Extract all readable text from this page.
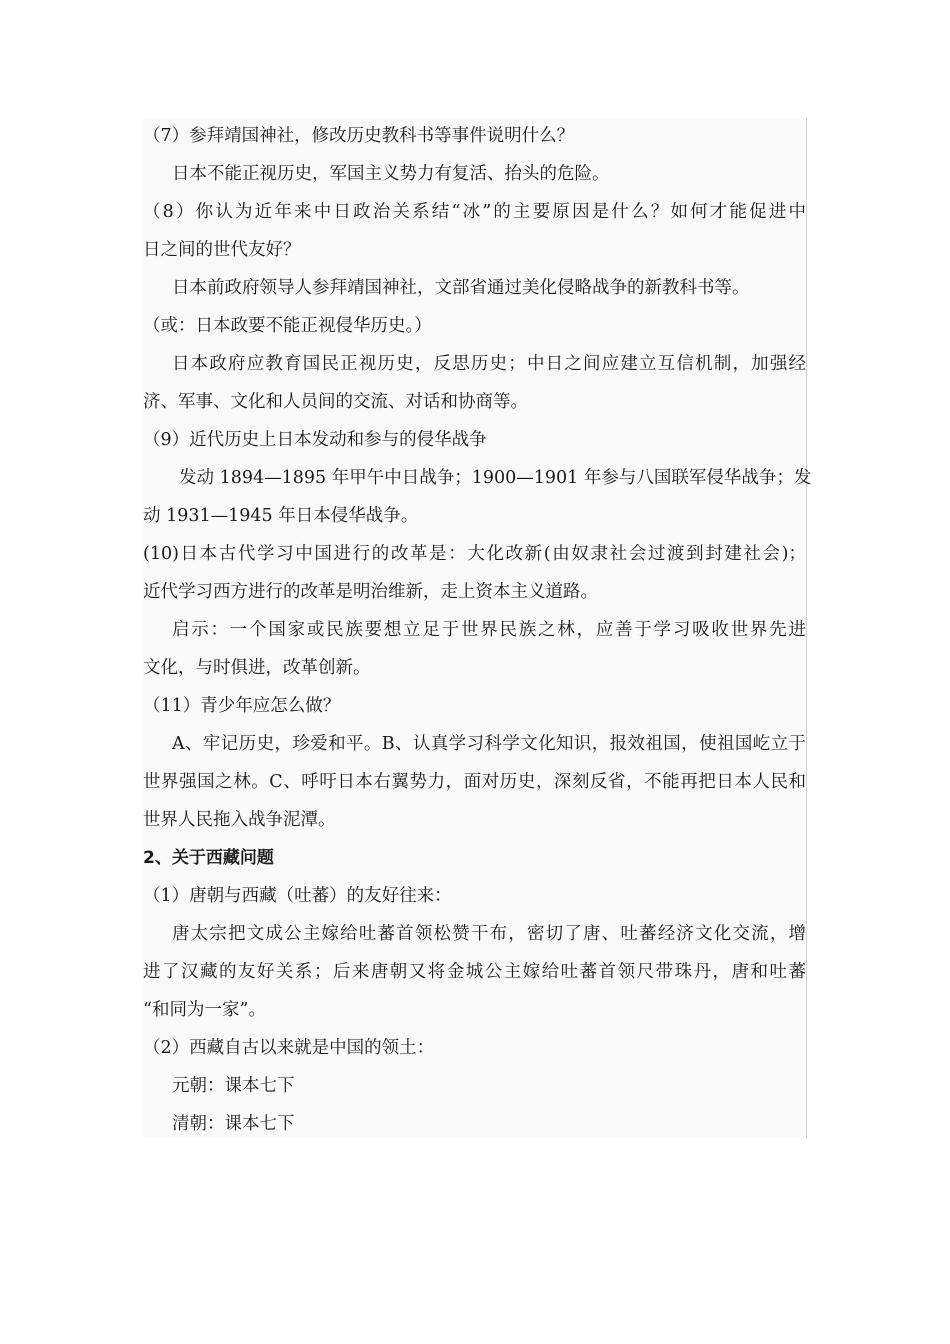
（7）参拜靖国神社，修改历史教科书等事件说明什么？
日本不能正视历史，军国主义势力有复活、抬头的危险。
（8）你认为近年来中日政治关系结“冰”的主要原因是什么？如何才能促进中
日之间的世代友好？
日本前政府领导人参拜靖国神社，文部省通过美化侵略战争的新教科书等。
（或：日本政要不能正视侵华历史。）
日本政府应教育国民正视历史，反思历史；中日之间应建立互信机制，加强经
济、军事、文化和人员间的交流、对话和协商等。
（9）近代历史上日本发动和参与的侵华战争
发动 1894—1895 年甲午中日战争；1900—1901 年参与八国联军侵华战争；发
动 1931—1945 年日本侵华战争。
(10)日本古代学习中国进行的改革是：大化改新(由奴隶社会过渡到封建社会)；
近代学习西方进行的改革是明治维新，走上资本主义道路。
启示：一个国家或民族要想立足于世界民族之林，应善于学习吸收世界先进
文化，与时俱进，改革创新。
（11）青少年应怎么做？
A、牢记历史，珍爱和平。B、认真学习科学文化知识，报效祖国，使祖国屹立于
世界强国之林。C、呼吁日本右翼势力，面对历史，深刻反省，不能再把日本人民和
世界人民拖入战争泥潭。
2、关于西藏问题
（1）唐朝与西藏（吐蕃）的友好往来：
唐太宗把文成公主嫁给吐蕃首领松赞干布，密切了唐、吐蕃经济文化交流，增
进了汉藏的友好关系；后来唐朝又将金城公主嫁给吐蕃首领尺带珠丹，唐和吐蕃
“和同为一家”。
（2）西藏自古以来就是中国的领土：
元朝：课本七下
清朝：课本七下
